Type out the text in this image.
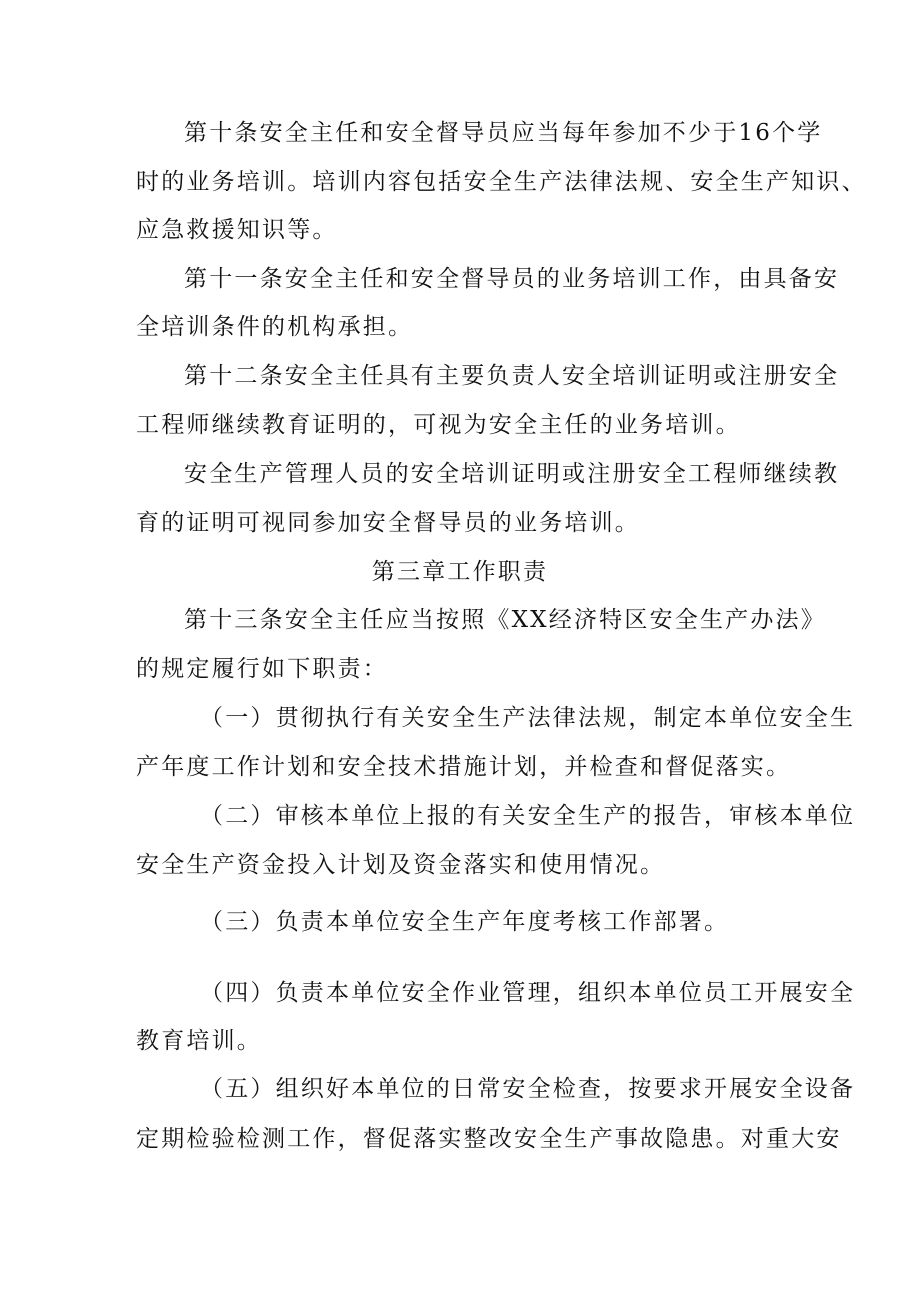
第十条安全主任和安全督导员应当每年参加不少于16个学
时的业务培训。培训内容包括安全生产法律法规、安全生产知识、
应急救援知识等。
第十一条安全主任和安全督导员的业务培训工作，由具备安
全培训条件的机构承担。
第十二条安全主任具有主要负责人安全培训证明或注册安全
工程师继续教育证明的，可视为安全主任的业务培训。
安全生产管理人员的安全培训证明或注册安全工程师继续教
育的证明可视同参加安全督导员的业务培训。
第三章工作职责
第十三条安全主任应当按照《XX经济特区安全生产办法》
的规定履行如下职责：
（一）贯彻执行有关安全生产法律法规，制定本单位安全生
产年度工作计划和安全技术措施计划，并检查和督促落实。
（二）审核本单位上报的有关安全生产的报告，审核本单位
安全生产资金投入计划及资金落实和使用情况。
（三）负责本单位安全生产年度考核工作部署。
（四）负责本单位安全作业管理，组织本单位员工开展安全
教育培训。
（五）组织好本单位的日常安全检查，按要求开展安全设备
定期检验检测工作，督促落实整改安全生产事故隐患。对重大安
